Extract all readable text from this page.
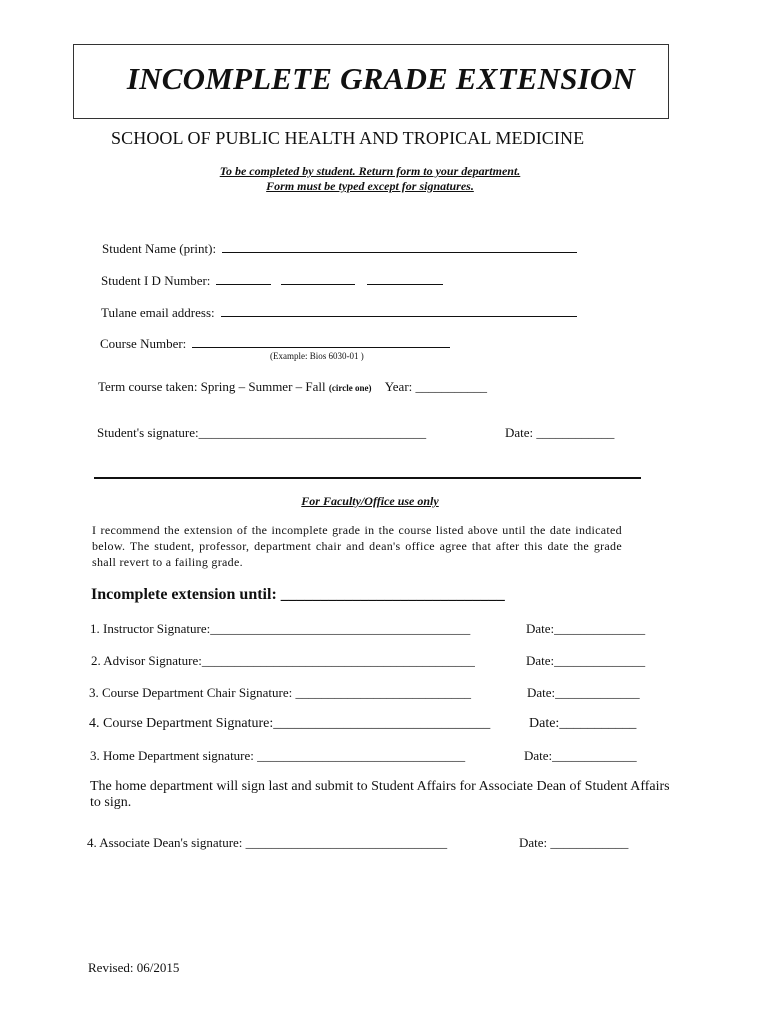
INCOMPLETE GRADE EXTENSION
SCHOOL OF PUBLIC HEALTH AND TROPICAL MEDICINE
To be completed by student. Return form to your department.
Form must be typed except for signatures.
Student Name (print):
Student I D Number:
Tulane email address:
Course Number:
(Example: Bios 6030-01 )
Term course taken: Spring – Summer – Fall (circle one) Year: ___________
Student's signature:___________________________________	Date: ____________
For Faculty/Office use only
I recommend the extension of the incomplete grade in the course listed above until the date indicated below. The student, professor, department chair and dean's office agree that after this date the grade shall revert to a failing grade.
Incomplete extension until: ____________________________
1. Instructor Signature:________________________________________	Date:______________
2. Advisor Signature:__________________________________________	Date:______________
3. Course Department Chair Signature: ___________________________	Date:_____________
4. Course Department Signature:_______________________________	Date:___________
3. Home Department signature: ________________________________	Date:_____________
The home department will sign last and submit to Student Affairs for Associate Dean of Student Affairs to sign.
4. Associate Dean's signature: _______________________________	Date: ____________
Revised: 06/2015
